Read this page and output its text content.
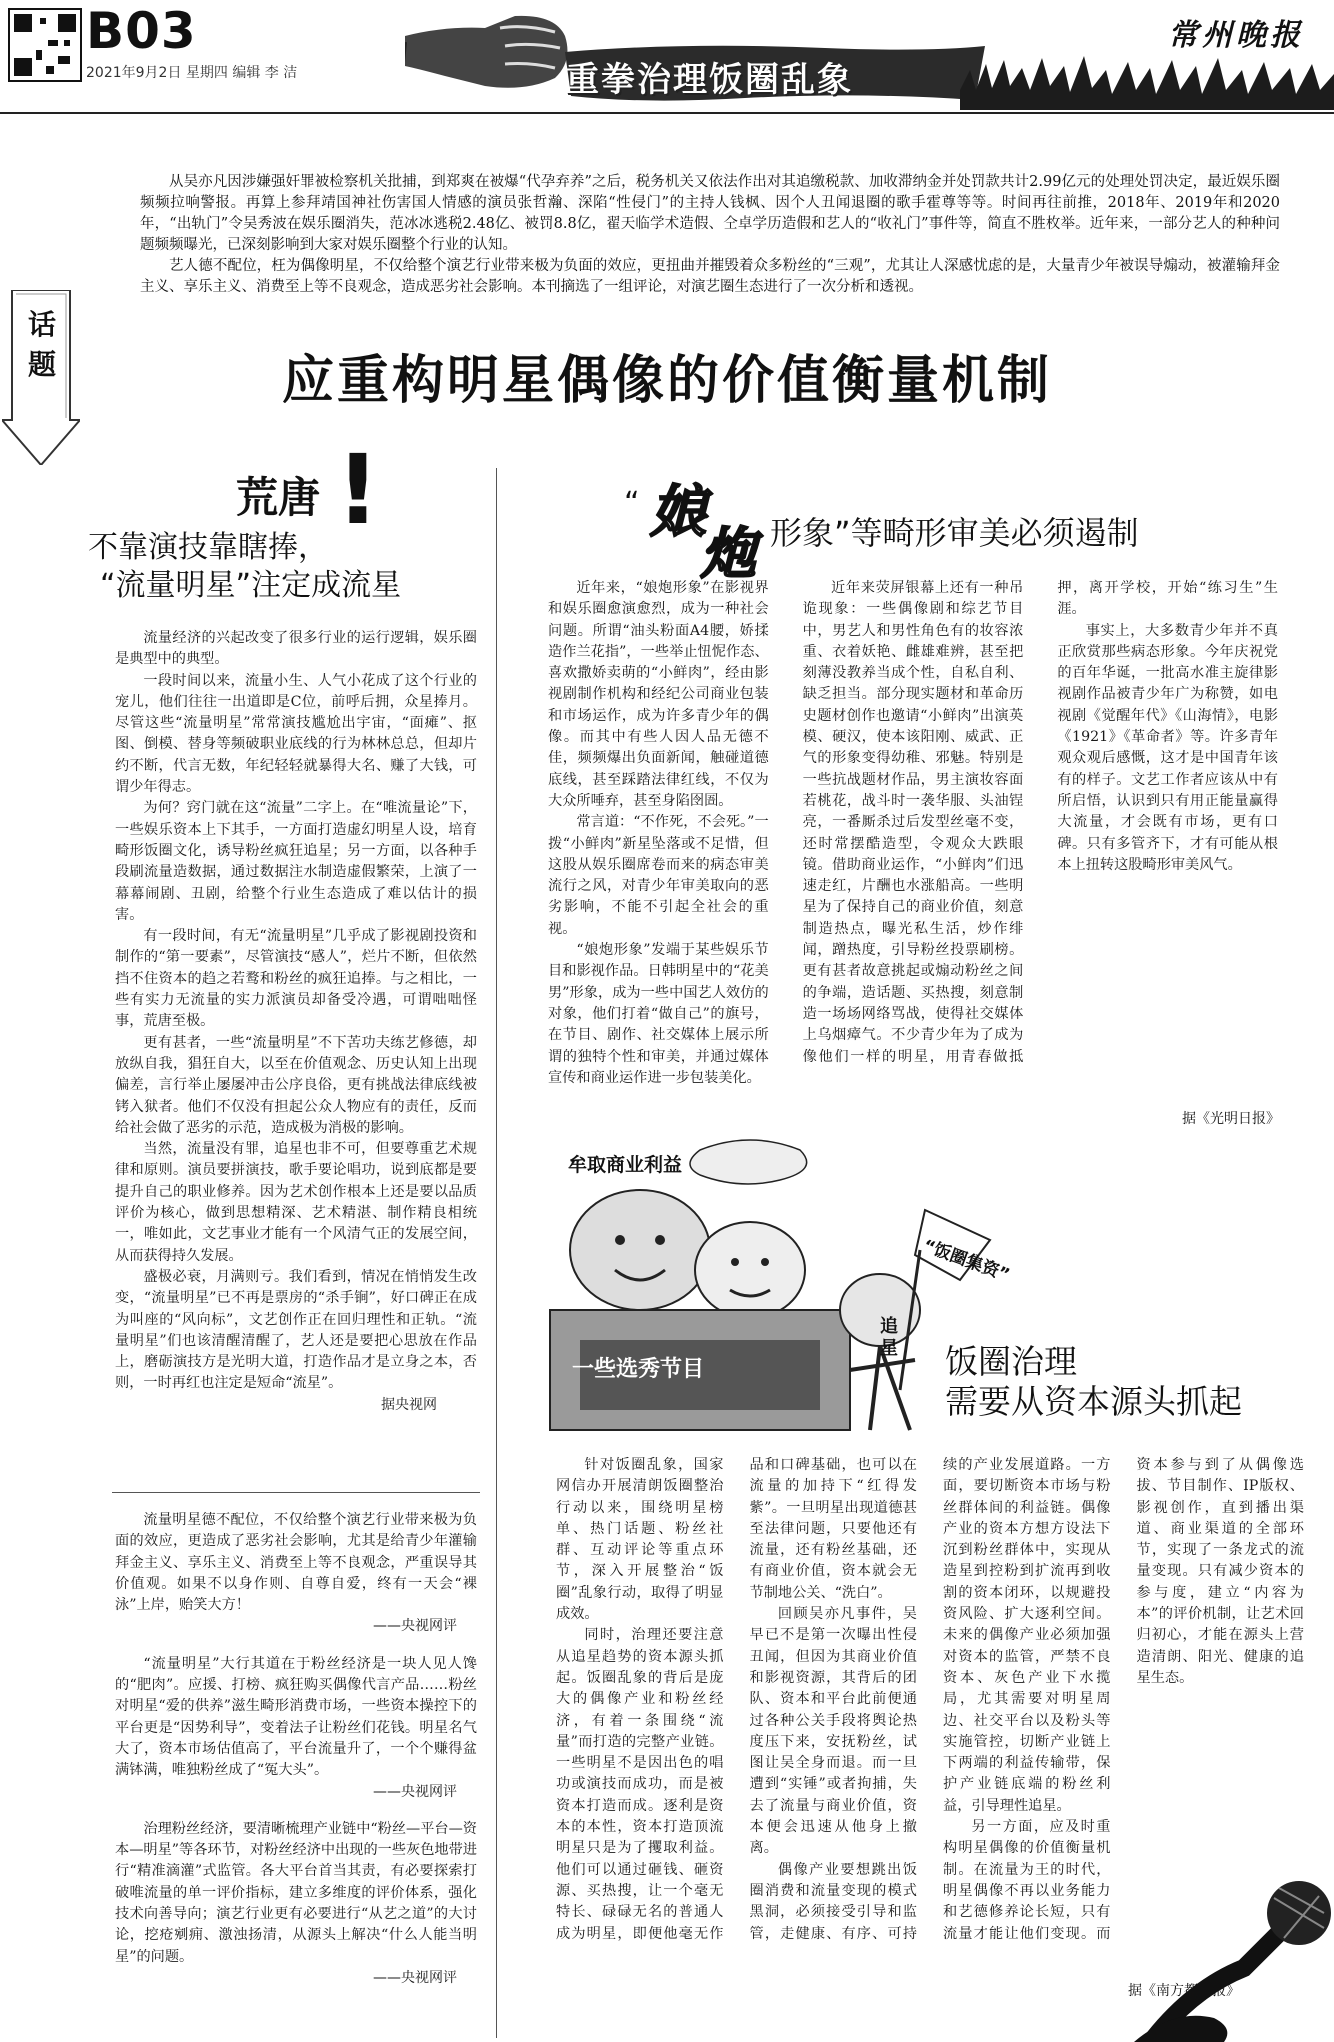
B03
2021年9月2日 星期四 编辑 李 洁	重拳治理饭圈乱象
常州晚报

从吴亦凡因涉嫌强奸罪被检察机关批捕，到郑爽在被爆“代孕弃养”之后，税务机关又依法作出对其追缴税款、加收滞纳金并处罚款共计2.99亿元的处理处罚决定，最近娱乐圈频频拉响警报。再算上参拜靖国神社伤害国人情感的演员张哲瀚、深陷“性侵门”的主持人钱枫、因个人丑闻退圈的歌手霍尊等等。时间再往前推，2018年、2019年和2020年，“出轨门”令吴秀波在娱乐圈消失，范冰冰逃税2.48亿、被罚8.8亿，翟天临学术造假、仝卓学历造假和艺人的“收礼门”事件等，简直不胜枚举。近年来，一部分艺人的种种问题频频曝光，已深刻影响到大家对娱乐圈整个行业的认知。

艺人德不配位，枉为偶像明星，不仅给整个演艺行业带来极为负面的效应，更扭曲并摧毁着众多粉丝的“三观”，尤其让人深感忧虑的是，大量青少年被误导煽动，被灌输拜金主义、享乐主义、消费至上等不良观念，造成恶劣社会影响。本刊摘选了一组评论，对演艺圈生态进行了一次分析和透视。

话题	应重构明星偶像的价值衡量机制
荒唐 !
不靠演技靠瞎捧，
“流量明星”注定成流星

流量经济的兴起改变了很多行业的运行逻辑，娱乐圈是典型中的典型。

一段时间以来，流量小生、人气小花成了这个行业的宠儿，他们往往一出道即是C位，前呼后拥，众星捧月。尽管这些“流量明星”常常演技尴尬出宇宙，“面瘫”、抠图、倒模、替身等频破职业底线的行为林林总总，但却片约不断，代言无数，年纪轻轻就暴得大名、赚了大钱，可谓少年得志。

为何？窍门就在这“流量”二字上。在“唯流量论”下，一些娱乐资本上下其手，一方面打造虚幻明星人设，培育畸形饭圈文化，诱导粉丝疯狂追星；另一方面，以各种手段刷流量造数据，通过数据注水制造虚假繁荣，上演了一幕幕闹剧、丑剧，给整个行业生态造成了难以估计的损害。

有一段时间，有无“流量明星”几乎成了影视剧投资和制作的“第一要素”，尽管演技“感人”，烂片不断，但依然挡不住资本的趋之若鹜和粉丝的疯狂追捧。与之相比，一些有实力无流量的实力派演员却备受冷遇，可谓咄咄怪事，荒唐至极。

更有甚者，一些“流量明星”不下苦功夫练艺修德，却放纵自我，猖狂自大，以至在价值观念、历史认知上出现偏差，言行举止屡屡冲击公序良俗，更有挑战法律底线被铐入狱者。他们不仅没有担起公众人物应有的责任，反而给社会做了恶劣的示范，造成极为消极的影响。

当然，流量没有罪，追星也非不可，但要尊重艺术规律和原则。演员要拼演技，歌手要论唱功，说到底都是要提升自己的职业修养。因为艺术创作根本上还是要以品质评价为核心，做到思想精深、艺术精湛、制作精良相统一，唯如此，文艺事业才能有一个风清气正的发展空间，从而获得持久发展。

盛极必衰，月满则亏。我们看到，情况在悄悄发生改变，“流量明星”已不再是票房的“杀手锏”，好口碑正在成为叫座的“风向标”，文艺创作正在回归理性和正轨。“流量明星”们也该清醒清醒了，艺人还是要把心思放在作品上，磨砺演技方是光明大道，打造作品才是立身之本，否则，一时再红也注定是短命“流星”。

据央视网

流量明星德不配位，不仅给整个演艺行业带来极为负面的效应，更造成了恶劣社会影响，尤其是给青少年灌输拜金主义、享乐主义、消费至上等不良观念，严重误导其价值观。如果不以身作则、自尊自爱，终有一天会“裸泳”上岸，贻笑大方！

——央视网评

“流量明星”大行其道在于粉丝经济是一块人见人馋的“肥肉”。应援、打榜、疯狂购买偶像代言产品……粉丝对明星“爱的供养”滋生畸形消费市场，一些资本操控下的平台更是“因势利导”，变着法子让粉丝们花钱。明星名气大了，资本市场估值高了，平台流量升了，一个个赚得盆满钵满，唯独粉丝成了“冤大头”。

——央视网评

治理粉丝经济，要清晰梳理产业链中“粉丝—平台—资本—明星”等各环节，对粉丝经济中出现的一些灰色地带进行“精准滴灌”式监管。各大平台首当其责，有必要探索打破唯流量的单一评价指标，建立多维度的评价体系，强化技术向善导向；演艺行业更有必要进行“从艺之道”的大讨论，挖疮剜痈、激浊扬清，从源头上解决“什么人能当明星”的问题。

——央视网评
“ 娘
炮 形象”等畸形审美必须遏制

近年来，“娘炮形象”在影视界和娱乐圈愈演愈烈，成为一种社会问题。所谓“油头粉面A4腰，娇揉造作兰花指”，一些举止忸怩作态、喜欢撒娇卖萌的“小鲜肉”，经由影视剧制作机构和经纪公司商业包装和市场运作，成为许多青少年的偶像。而其中有些人因人品无德不佳，频频爆出负面新闻，触碰道德底线，甚至踩踏法律红线，不仅为大众所唾弃，甚至身陷囹圄。

常言道：“不作死，不会死。”一拨“小鲜肉”新星坠落或不足惜，但这股从娱乐圈席卷而来的病态审美流行之风，对青少年审美取向的恶劣影响，不能不引起全社会的重视。

“娘炮形象”发端于某些娱乐节目和影视作品。日韩明星中的“花美男”形象，成为一些中国艺人效仿的对象，他们打着“做自己”的旗号，在节目、剧作、社交媒体上展示所谓的独特个性和审美，并通过媒体宣传和商业运作进一步包装美化。

近年来荧屏银幕上还有一种吊诡现象：一些偶像剧和综艺节目中，男艺人和男性角色有的妆容浓重、衣着妖艳、雌雄难辨，甚至把刻薄没教养当成个性，自私自利、缺乏担当。部分现实题材和革命历史题材创作也邀请“小鲜肉”出演英模、硬汉，使本该阳刚、威武、正气的形象变得幼稚、邪魅。特别是一些抗战题材作品，男主演妆容面若桃花，战斗时一袭华服、头油锃亮，一番厮杀过后发型丝毫不变，还时常摆酷造型，令观众大跌眼镜。借助商业运作，“小鲜肉”们迅速走红，片酬也水涨船高。一些明星为了保持自己的商业价值，刻意制造热点，曝光私生活，炒作绯闻，蹭热度，引导粉丝投票刷榜。更有甚者故意挑起或煽动粉丝之间的争端，造话题、买热搜，刻意制造一场场网络骂战，使得社交媒体上乌烟瘴气。不少青少年为了成为像他们一样的明星，用青春做抵押，离开学校，开始“练习生”生涯。

事实上，大多数青少年并不真正欣赏那些病态形象。今年庆祝党的百年华诞，一批高水准主旋律影视剧作品被青少年广为称赞，如电视剧《觉醒年代》《山海情》，电影《1921》《革命者》等。许多青年观众观后感慨，这才是中国青年该有的样子。文艺工作者应该从中有所启悟，认识到只有用正能量赢得大流量，才会既有市场，更有口碑。只有多管齐下，才有可能从根本上扭转这股畸形审美风气。

据《光明日报》
牟取商业利益
一些选秀节目
“饭圈集资”
追星 饭圈治理
需要从资本源头抓起

针对饭圈乱象，国家网信办开展清朗饭圈整治行动以来，围绕明星榜单、热门话题、粉丝社群、互动评论等重点环节，深入开展整治“饭圈”乱象行动，取得了明显成效。

同时，治理还要注意从追星趋势的资本源头抓起。饭圈乱象的背后是庞大的偶像产业和粉丝经济，有着一条围绕“流量”而打造的完整产业链。一些明星不是因出色的唱功或演技而成功，而是被资本打造而成。逐利是资本的本性，资本打造顶流明星只是为了攫取利益。他们可以通过砸钱、砸资源、买热搜，让一个毫无特长、碌碌无名的普通人成为明星，即便他毫无作品和口碑基础，也可以在流量的加持下“红得发紫”。一旦明星出现道德甚至法律问题，只要他还有流量，还有粉丝基础，还有商业价值，资本就会无节制地公关、“洗白”。

回顾吴亦凡事件，吴早已不是第一次曝出性侵丑闻，但因为其商业价值和影视资源，其背后的团队、资本和平台此前便通过各种公关手段将舆论热度压下来，安抚粉丝，试图让吴全身而退。而一旦遭到“实锤”或者拘捕，失去了流量与商业价值，资本便会迅速从他身上撤离。

偶像产业要想跳出饭圈消费和流量变现的模式黑洞，必须接受引导和监管，走健康、有序、可持续的产业发展道路。一方面，要切断资本市场与粉丝群体间的利益链。偶像产业的资本方想方设法下沉到粉丝群体中，实现从造星到控粉到扩流再到收割的资本闭环，以规避投资风险、扩大逐利空间。未来的偶像产业必须加强对资本的监管，严禁不良资本、灰色产业下水揽局，尤其需要对明星周边、社交平台以及粉头等实施管控，切断产业链上下两端的利益传输带，保护产业链底端的粉丝利益，引导理性追星。

另一方面，应及时重构明星偶像的价值衡量机制。在流量为王的时代，明星偶像不再以业务能力和艺德修养论长短，只有流量才能让他们变现。而资本参与到了从偶像选拔、节目制作、IP版权、影视创作，直到播出渠道、商业渠道的全部环节，实现了一条龙式的流量变现。只有减少资本的参与度，建立“内容为本”的评价机制，让艺术回归初心，才能在源头上营造清朗、阳光、健康的追星生态。

据《南方都市报》
